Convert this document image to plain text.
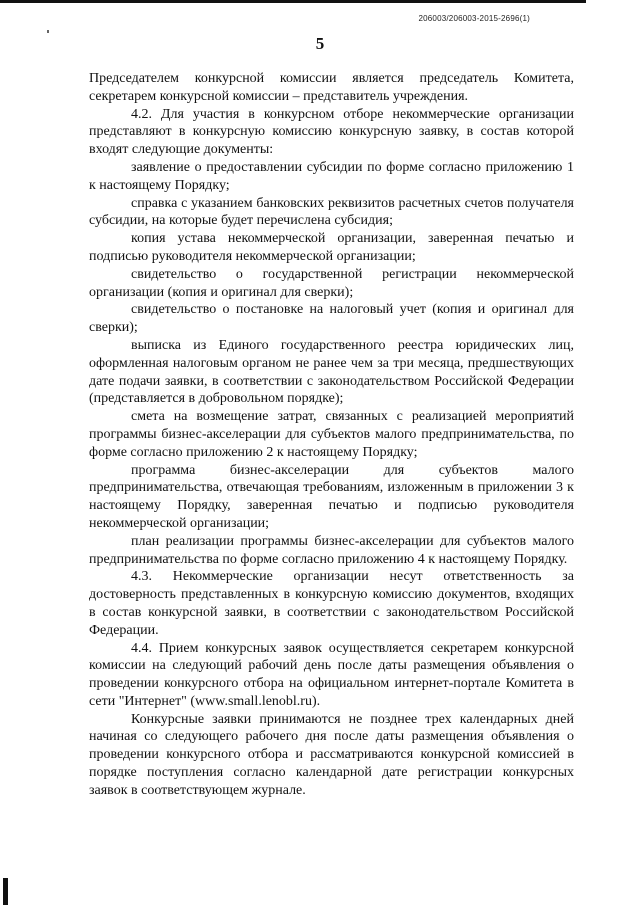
206003/206003-2015-2696(1)
5

Председателем конкурсной комиссии является председатель Комитета, секретарем конкурсной комиссии – представитель учреждения.

4.2. Для участия в конкурсном отборе некоммерческие организации представляют в конкурсную комиссию конкурсную заявку, в состав которой входят следующие документы:

заявление о предоставлении субсидии по форме согласно приложению 1 к настоящему Порядку;

справка с указанием банковских реквизитов расчетных счетов получателя субсидии, на которые будет перечислена субсидия;

копия устава некоммерческой организации, заверенная печатью и подписью руководителя некоммерческой организации;

свидетельство о государственной регистрации некоммерческой организации (копия и оригинал для сверки);

свидетельство о постановке на налоговый учет (копия и оригинал для сверки);

выписка из Единого государственного реестра юридических лиц, оформленная налоговым органом не ранее чем за три месяца, предшествующих дате подачи заявки, в соответствии с законодательством Российской Федерации (представляется в добровольном порядке);

смета на возмещение затрат, связанных с реализацией мероприятий программы бизнес-акселерации для субъектов малого предпринимательства, по форме согласно приложению 2 к настоящему Порядку;

программа бизнес-акселерации для субъектов малого предпринимательства, отвечающая требованиям, изложенным в приложении 3 к настоящему Порядку, заверенная печатью и подписью руководителя некоммерческой организации;

план реализации программы бизнес-акселерации для субъектов малого предпринимательства по форме согласно приложению 4 к настоящему Порядку.

4.3. Некоммерческие организации несут ответственность за достоверность представленных в конкурсную комиссию документов, входящих в состав конкурсной заявки, в соответствии с законодательством Российской Федерации.

4.4. Прием конкурсных заявок осуществляется секретарем конкурсной комиссии на следующий рабочий день после даты размещения объявления о проведении конкурсного отбора на официальном интернет-портале Комитета в сети "Интернет" (www.small.lenobl.ru).

Конкурсные заявки принимаются не позднее трех календарных дней начиная со следующего рабочего дня после даты размещения объявления о проведении конкурсного отбора и рассматриваются конкурсной комиссией в порядке поступления согласно календарной дате регистрации конкурсных заявок в соответствующем журнале.
